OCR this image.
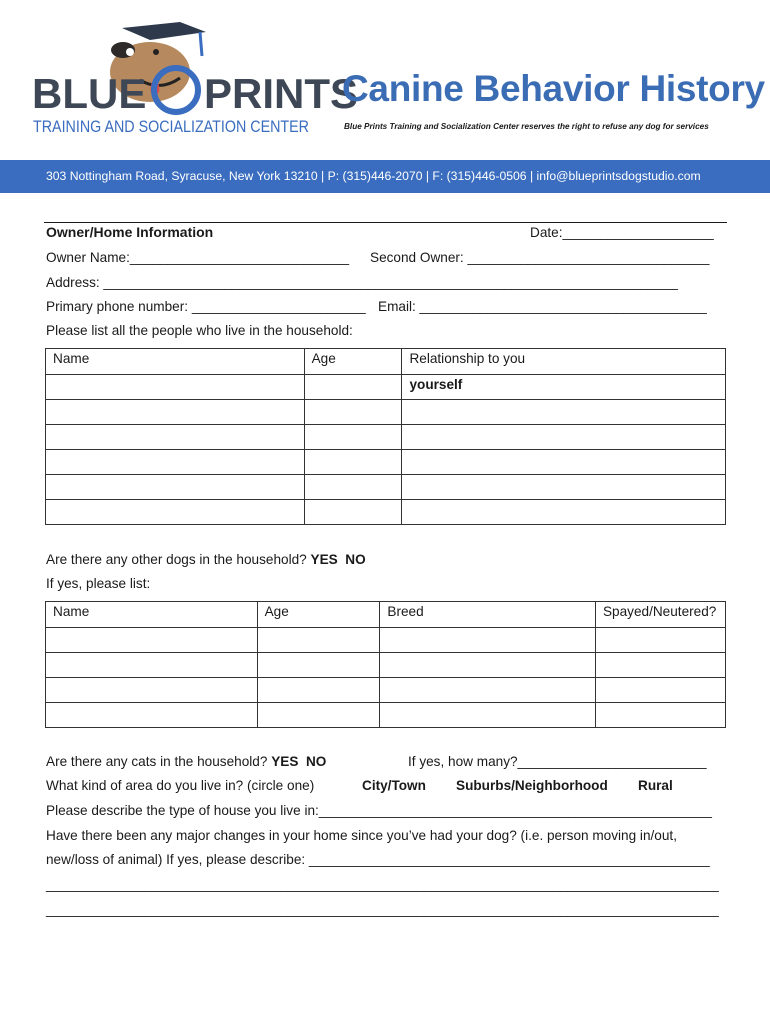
BLUE PRINTS
TRAINING AND SOCIALIZATION CENTER
Canine Behavior History
Blue Prints Training and Socialization Center reserves the right to refuse any dog for services
303 Nottingham Road, Syracuse, New York 13210 | P: (315)446-2070 | F: (315)446-0506 | info@blueprintsdogstudio.com
Owner/Home Information	Date:____________________
Owner Name:_____________________________ Second Owner: ________________________________
Address: ____________________________________________________________________________
Primary phone number: _______________________ Email: ______________________________________
Please list all the people who live in the household:
Name	Age	Relationship to you
		yourself

Are there any other dogs in the household? YES NO
If yes, please list:
Name	Age	Breed	Spayed/Neutered?

Are there any cats in the household? YES NO	If yes, how many?_________________________
What kind of area do you live in? (circle one)	City/Town Suburbs/Neighborhood Rural
Please describe the type of house you live in:____________________________________________________
Have there been any major changes in your home since you’ve had your dog? (i.e. person moving in/out,
new/loss of animal) If yes, please describe: _____________________________________________________
_________________________________________________________________________________________
_________________________________________________________________________________________
